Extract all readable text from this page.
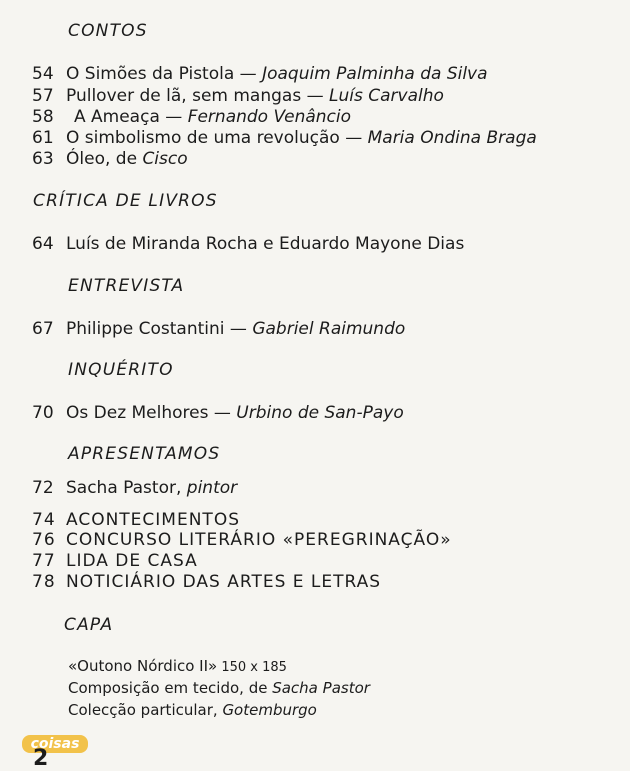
CONTOS
54 O Simões da Pistola — Joaquim Palminha da Silva
57 Pullover de lã, sem mangas — Luís Carvalho
58 A Ameaça — Fernando Venâncio
61 O simbolismo de uma revolução — Maria Ondina Braga
63 Óleo, de Cisco
CRÍTICA DE LIVROS
64 Luís de Miranda Rocha e Eduardo Mayone Dias
ENTREVISTA
67 Philippe Costantini — Gabriel Raimundo
INQUÉRITO
70 Os Dez Melhores — Urbino de San-Payo
APRESENTAMOS
72 Sacha Pastor, pintor
74 ACONTECIMENTOS
76 CONCURSO LITERÁRIO «PEREGRINAÇÃO»
77 LIDA DE CASA
78 NOTICIÁRIO DAS ARTES E LETRAS
CAPA
«Outono Nórdico II» 150 x 185
Composição em tecido, de Sacha Pastor
Colecção particular, Gotemburgo
coisas
2
